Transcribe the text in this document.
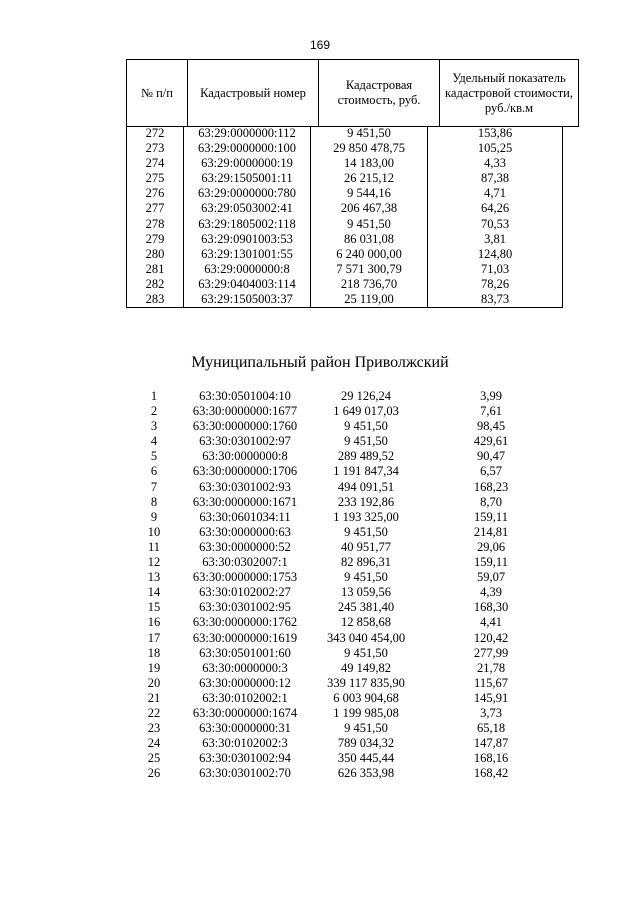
169
№ п/п	Кадастровый номер	Кадастровая стоимость, руб.	Удельный показатель кадастровой стоимости, руб./кв.м
272	63:29:0000000:112	9 451,50	153,86
273	63:29:0000000:100	29 850 478,75	105,25
274	63:29:0000000:19	14 183,00	4,33
275	63:29:1505001:11	26 215,12	87,38
276	63:29:0000000:780	9 544,16	4,71
277	63:29:0503002:41	206 467,38	64,26
278	63:29:1805002:118	9 451,50	70,53
279	63:29:0901003:53	86 031,08	3,81
280	63:29:1301001:55	6 240 000,00	124,80
281	63:29:0000000:8	7 571 300,79	71,03
282	63:29:0404003:114	218 736,70	78,26
283	63:29:1505003:37	25 119,00	83,73
Муниципальный район Приволжский
1	63:30:0501004:10	29 126,24	3,99
2	63:30:0000000:1677	1 649 017,03	7,61
3	63:30:0000000:1760	9 451,50	98,45
4	63:30:0301002:97	9 451,50	429,61
5	63:30:0000000:8	289 489,52	90,47
6	63:30:0000000:1706	1 191 847,34	6,57
7	63:30:0301002:93	494 091,51	168,23
8	63:30:0000000:1671	233 192,86	8,70
9	63:30:0601034:11	1 193 325,00	159,11
10	63:30:0000000:63	9 451,50	214,81
11	63:30:0000000:52	40 951,77	29,06
12	63:30:0302007:1	82 896,31	159,11
13	63:30:0000000:1753	9 451,50	59,07
14	63:30:0102002:27	13 059,56	4,39
15	63:30:0301002:95	245 381,40	168,30
16	63:30:0000000:1762	12 858,68	4,41
17	63:30:0000000:1619	343 040 454,00	120,42
18	63:30:0501001:60	9 451,50	277,99
19	63:30:0000000:3	49 149,82	21,78
20	63:30:0000000:12	339 117 835,90	115,67
21	63:30:0102002:1	6 003 904,68	145,91
22	63:30:0000000:1674	1 199 985,08	3,73
23	63:30:0000000:31	9 451,50	65,18
24	63:30:0102002:3	789 034,32	147,87
25	63:30:0301002:94	350 445,44	168,16
26	63:30:0301002:70	626 353,98	168,42
